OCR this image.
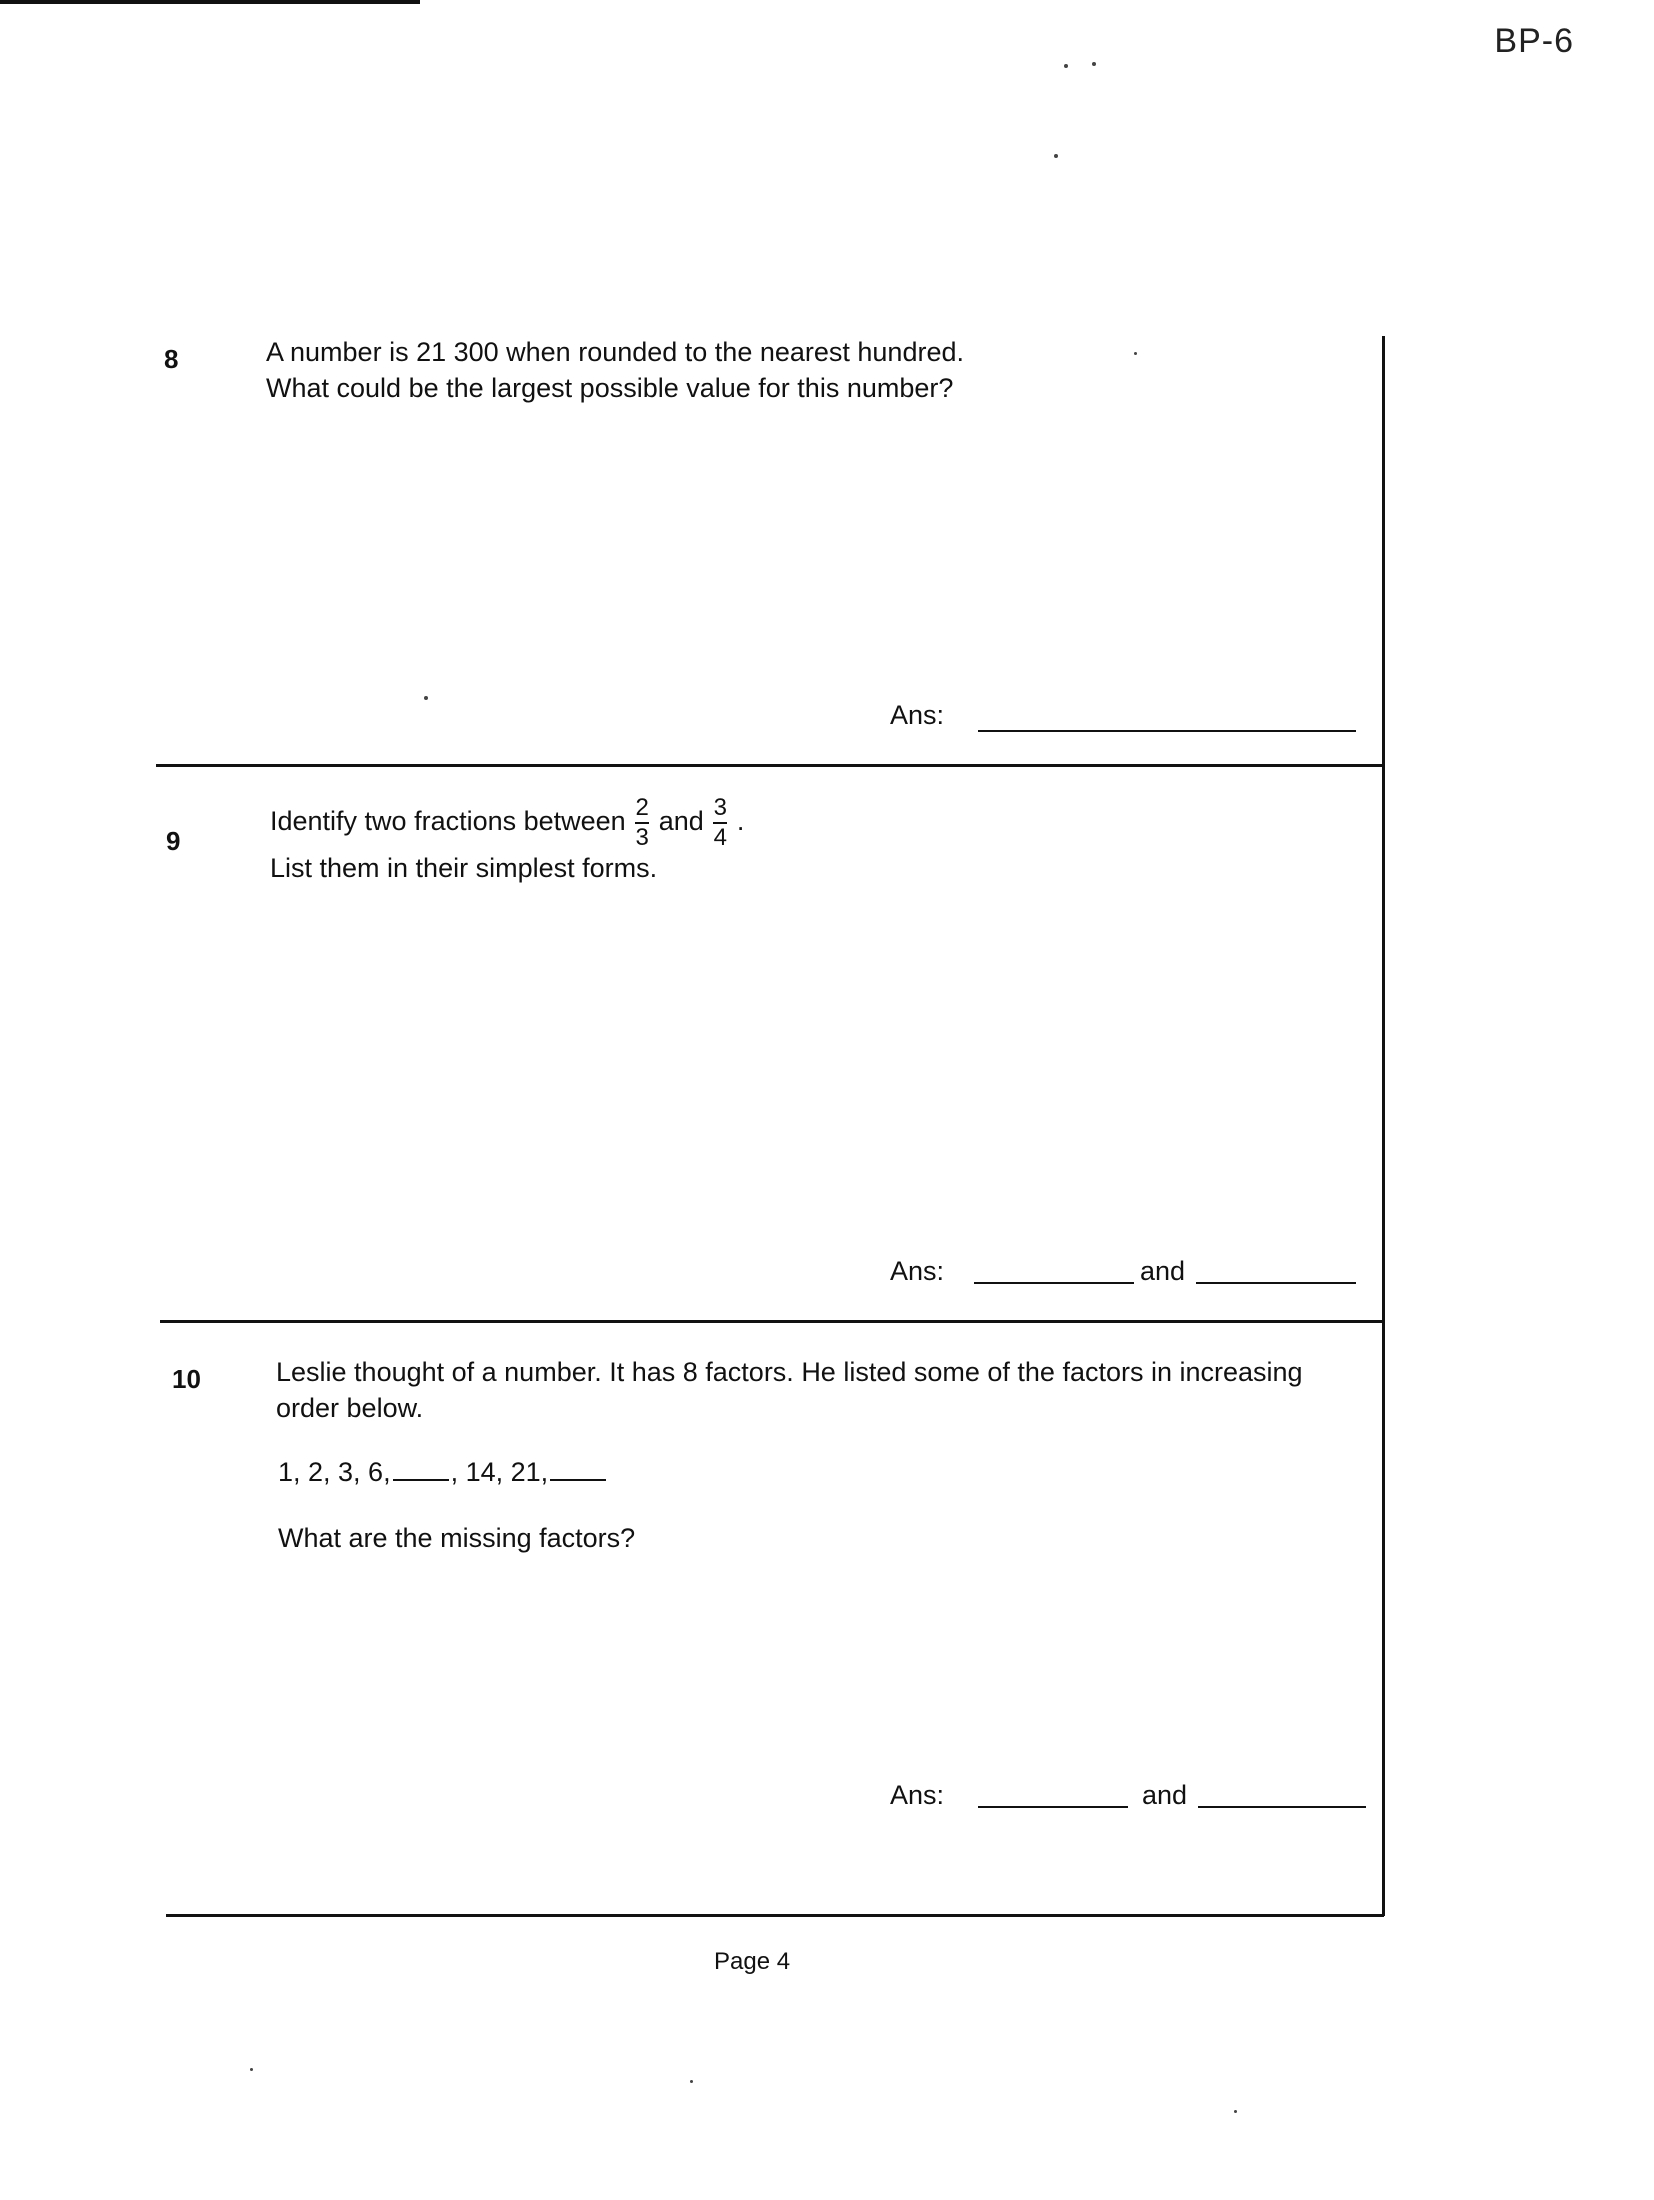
BP-6
8	A number is 21 300 when rounded to the nearest hundred.
What could be the largest possible value for this number?
Ans:
9
Identify two fractions between $\frac{2}{3}$ and $\frac{3}{4}$ .
List them in their simplest forms.
Ans:	and
10	Leslie thought of a number. It has 8 factors. He listed some of the factors in increasing
order below.
1, 2, 3, 6, , 14, 21,
What are the missing factors?
Ans:	and
Page 4
